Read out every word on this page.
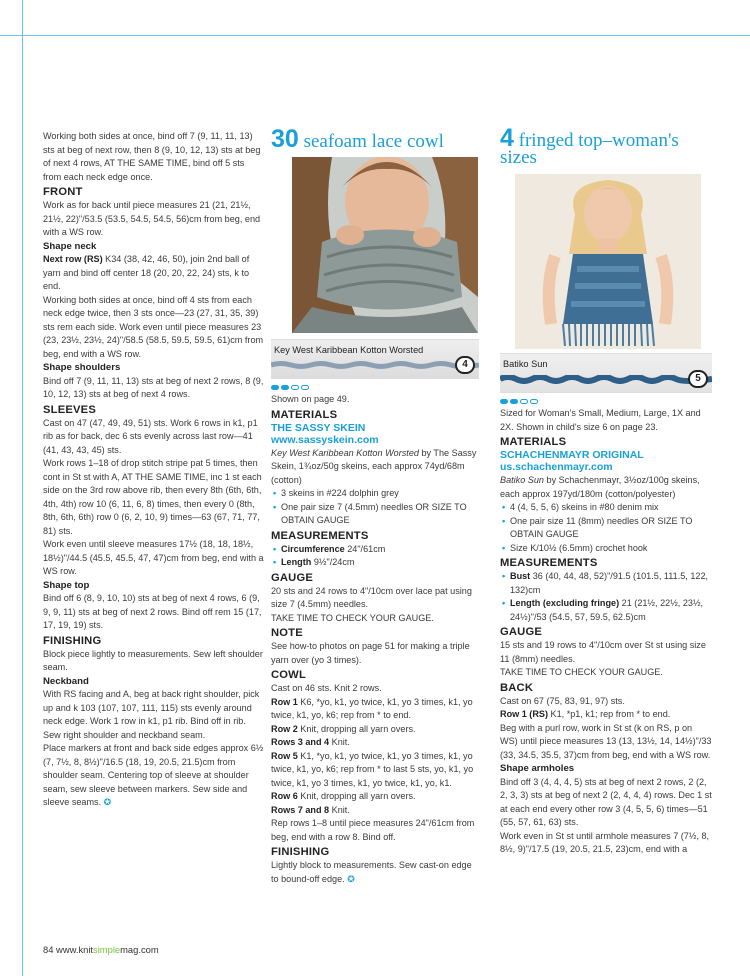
Working both sides at once, bind off 7 (9, 11, 11, 13) sts at beg of next row, then 8 (9, 10, 12, 13) sts at beg of next 4 rows, AT THE SAME TIME, bind off 5 sts from each neck edge once.

FRONT

Work as for back until piece measures 21 (21, 21½, 21½, 22)"/53.5 (53.5, 54.5, 54.5, 56)cm from beg, end with a WS row.

Shape neck

Next row (RS) K34 (38, 42, 46, 50), join 2nd ball of yarn and bind off center 18 (20, 20, 22, 24) sts, k to end.

Working both sides at once, bind off 4 sts from each neck edge twice, then 3 sts once—23 (27, 31, 35, 39) sts rem each side. Work even until piece measures 23 (23, 23½, 23½, 24)"/58.5 (58.5, 59.5, 59.5, 61)cm from beg, end with a WS row.

Shape shoulders

Bind off 7 (9, 11, 11, 13) sts at beg of next 2 rows, 8 (9, 10, 12, 13) sts at beg of next 4 rows.

SLEEVES

Cast on 47 (47, 49, 49, 51) sts. Work 6 rows in k1, p1 rib as for back, dec 6 sts evenly across last row—41 (41, 43, 43, 45) sts.

Work rows 1–18 of drop stitch stripe pat 5 times, then cont in St st with A, AT THE SAME TIME, inc 1 st each side on the 3rd row above rib, then every 8th (6th, 6th, 4th, 4th) row 10 (6, 11, 6, 8) times, then every 0 (8th, 8th, 6th, 6th) row 0 (6, 2, 10, 9) times—63 (67, 71, 77, 81) sts.

Work even until sleeve measures 17½ (18, 18, 18½, 18½)"/44.5 (45.5, 45.5, 47, 47)cm from beg, end with a WS row.

Shape top

Bind off 6 (8, 9, 10, 10) sts at beg of next 4 rows, 6 (9, 9, 9, 11) sts at beg of next 2 rows. Bind off rem 15 (17, 17, 19, 19) sts.

FINISHING

Block piece lightly to measurements. Sew left shoulder seam.

Neckband

With RS facing and A, beg at back right shoulder, pick up and k 103 (107, 107, 111, 115) sts evenly around neck edge. Work 1 row in k1, p1 rib. Bind off in rib.

Sew right shoulder and neckband seam.

Place markers at front and back side edges approx 6½ (7, 7½, 8, 8½)"/16.5 (18, 19, 20.5, 21.5)cm from shoulder seam. Centering top of sleeve at shoulder seam, sew sleeve between markers. Sew side and sleeve seams. ✪

30 seafoam lace cowl
Key West Karibbean Kotton Worsted
4

Shown on page 49.

MATERIALS
THE SASSY SKEIN
www.sassyskein.com

Key West Karibbean Kotton Worsted by The Sassy Skein, 1¾oz/50g skeins, each approx 74yd/68m (cotton)

• 3 skeins in #224 dolphin grey
• One pair size 7 (4.5mm) needles OR SIZE TO OBTAIN GAUGE
MEASUREMENTS
• Circumference 24"/61cm
• Length 9½"/24cm
GAUGE

20 sts and 24 rows to 4"/10cm over lace pat using size 7 (4.5mm) needles.

TAKE TIME TO CHECK YOUR GAUGE.

NOTE

See how-to photos on page 51 for making a triple yarn over (yo 3 times).

COWL

Cast on 46 sts. Knit 2 rows.

Row 1 K6, *yo, k1, yo twice, k1, yo 3 times, k1, yo twice, k1, yo, k6; rep from * to end.

Row 2 Knit, dropping all yarn overs.

Rows 3 and 4 Knit.

Row 5 K1, *yo, k1, yo twice, k1, yo 3 times, k1, yo twice, k1, yo, k6; rep from * to last 5 sts, yo, k1, yo twice, k1, yo 3 times, k1, yo twice, k1, yo, k1.

Row 6 Knit, dropping all yarn overs.

Rows 7 and 8 Knit.

Rep rows 1–8 until piece measures 24"/61cm from beg, end with a row 8. Bind off.

FINISHING

Lightly block to measurements. Sew cast-on edge to bound-off edge. ✪

4 fringed top–woman's sizes
Batiko Sun
5

Sized for Woman's Small, Medium, Large, 1X and 2X. Shown in child's size 6 on page 23.

MATERIALS
SCHACHENMAYR ORIGINAL
us.schachenmayr.com

Batiko Sun by Schachenmayr, 3½oz/100g skeins, each approx 197yd/180m (cotton/polyester)

• 4 (4, 5, 5, 6) skeins in #80 denim mix
• One pair size 11 (8mm) needles OR SIZE TO OBTAIN GAUGE
• Size K/10½ (6.5mm) crochet hook
MEASUREMENTS
• Bust 36 (40, 44, 48, 52)"/91.5 (101.5, 111.5, 122, 132)cm
• Length (excluding fringe) 21 (21½, 22½, 23½, 24½)"/53 (54.5, 57, 59.5, 62.5)cm
GAUGE

15 sts and 19 rows to 4"/10cm over St st using size 11 (8mm) needles.

TAKE TIME TO CHECK YOUR GAUGE.

BACK

Cast on 67 (75, 83, 91, 97) sts.

Row 1 (RS) K1, *p1, k1; rep from * to end.

Beg with a purl row, work in St st (k on RS, p on WS) until piece measures 13 (13, 13½, 14, 14½)"/33 (33, 34.5, 35.5, 37)cm from beg, end with a WS row.

Shape armholes

Bind off 3 (4, 4, 4, 5) sts at beg of next 2 rows, 2 (2, 2, 3, 3) sts at beg of next 2 (2, 4, 4, 4) rows. Dec 1 st at each end every other row 3 (4, 5, 5, 6) times—51 (55, 57, 61, 63) sts.

Work even in St st until armhole measures 7 (7½, 8, 8½, 9)"/17.5 (19, 20.5, 21.5, 23)cm, end with a

84 www.knitsimplemag.com
